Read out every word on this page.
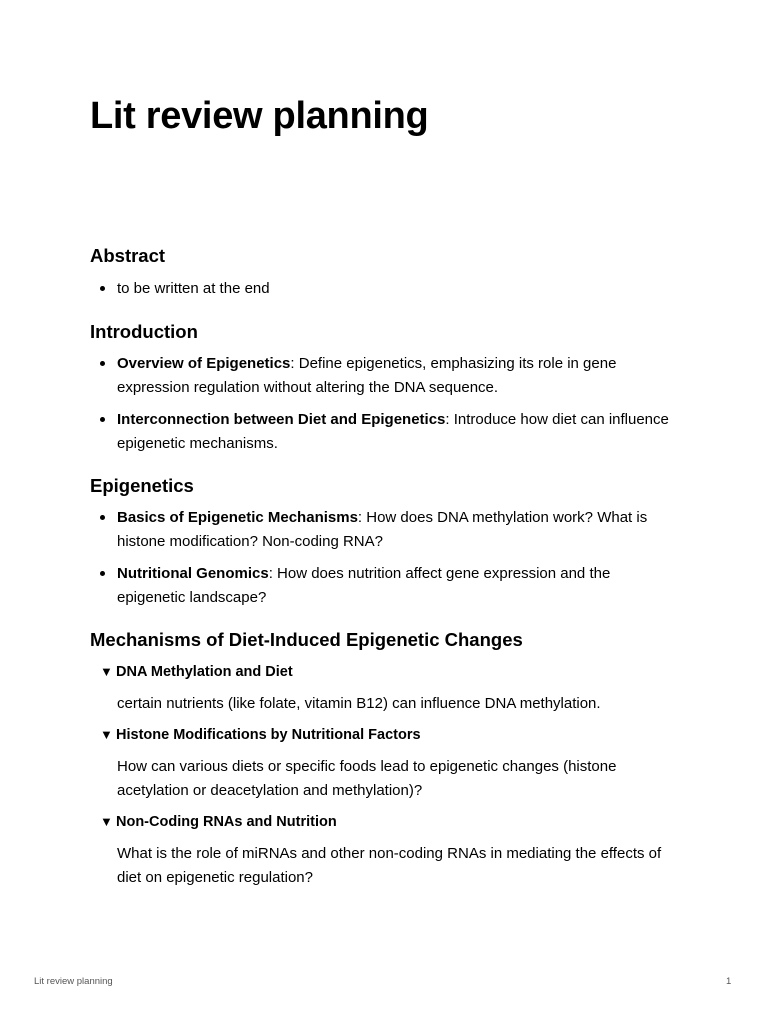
Lit review planning
Abstract
to be written at the end
Introduction
Overview of Epigenetics: Define epigenetics, emphasizing its role in gene expression regulation without altering the DNA sequence.
Interconnection between Diet and Epigenetics: Introduce how diet can influence epigenetic mechanisms.
Epigenetics
Basics of Epigenetic Mechanisms: How does DNA methylation work? What is histone modification? Non-coding RNA?
Nutritional Genomics: How does nutrition affect gene expression and the epigenetic landscape?
Mechanisms of Diet-Induced Epigenetic Changes
▼ DNA Methylation and Diet
certain nutrients (like folate, vitamin B12) can influence DNA methylation.
▼ Histone Modifications by Nutritional Factors
How can various diets or specific foods lead to epigenetic changes (histone acetylation or deacetylation and methylation)?
▼ Non-Coding RNAs and Nutrition
What is the role of miRNAs and other non-coding RNAs in mediating the effects of diet on epigenetic regulation?
Lit review planning	1
